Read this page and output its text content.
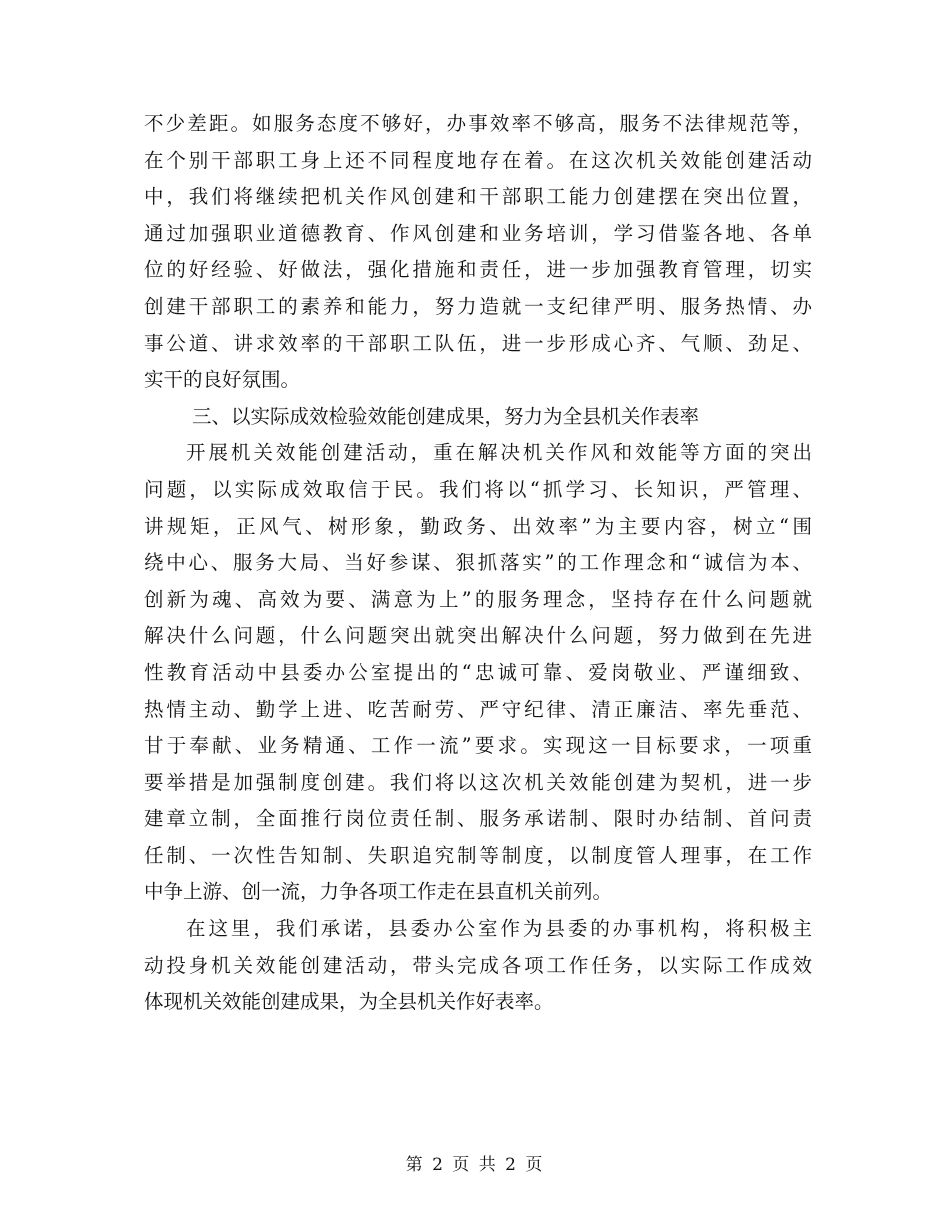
不少差距。如服务态度不够好，办事效率不够高，服务不法律规范等，
在个别干部职工身上还不同程度地存在着。在这次机关效能创建活动
中，我们将继续把机关作风创建和干部职工能力创建摆在突出位置，
通过加强职业道德教育、作风创建和业务培训，学习借鉴各地、各单
位的好经验、好做法，强化措施和责任，进一步加强教育管理，切实
创建干部职工的素养和能力，努力造就一支纪律严明、服务热情、办
事公道、讲求效率的干部职工队伍，进一步形成心齐、气顺、劲足、
实干的良好氛围。
三、以实际成效检验效能创建成果，努力为全县机关作表率
开展机关效能创建活动，重在解决机关作风和效能等方面的突出
问题，以实际成效取信于民。我们将以“抓学习、长知识，严管理、
讲规矩，正风气、树形象，勤政务、出效率”为主要内容，树立“围
绕中心、服务大局、当好参谋、狠抓落实”的工作理念和“诚信为本、
创新为魂、高效为要、满意为上”的服务理念，坚持存在什么问题就
解决什么问题，什么问题突出就突出解决什么问题，努力做到在先进
性教育活动中县委办公室提出的“忠诚可靠、爱岗敬业、严谨细致、
热情主动、勤学上进、吃苦耐劳、严守纪律、清正廉洁、率先垂范、
甘于奉献、业务精通、工作一流”要求。实现这一目标要求，一项重
要举措是加强制度创建。我们将以这次机关效能创建为契机，进一步
建章立制，全面推行岗位责任制、服务承诺制、限时办结制、首问责
任制、一次性告知制、失职追究制等制度，以制度管人理事，在工作
中争上游、创一流，力争各项工作走在县直机关前列。
在这里，我们承诺，县委办公室作为县委的办事机构，将积极主
动投身机关效能创建活动，带头完成各项工作任务，以实际工作成效
体现机关效能创建成果，为全县机关作好表率。
第 2 页 共 2 页
